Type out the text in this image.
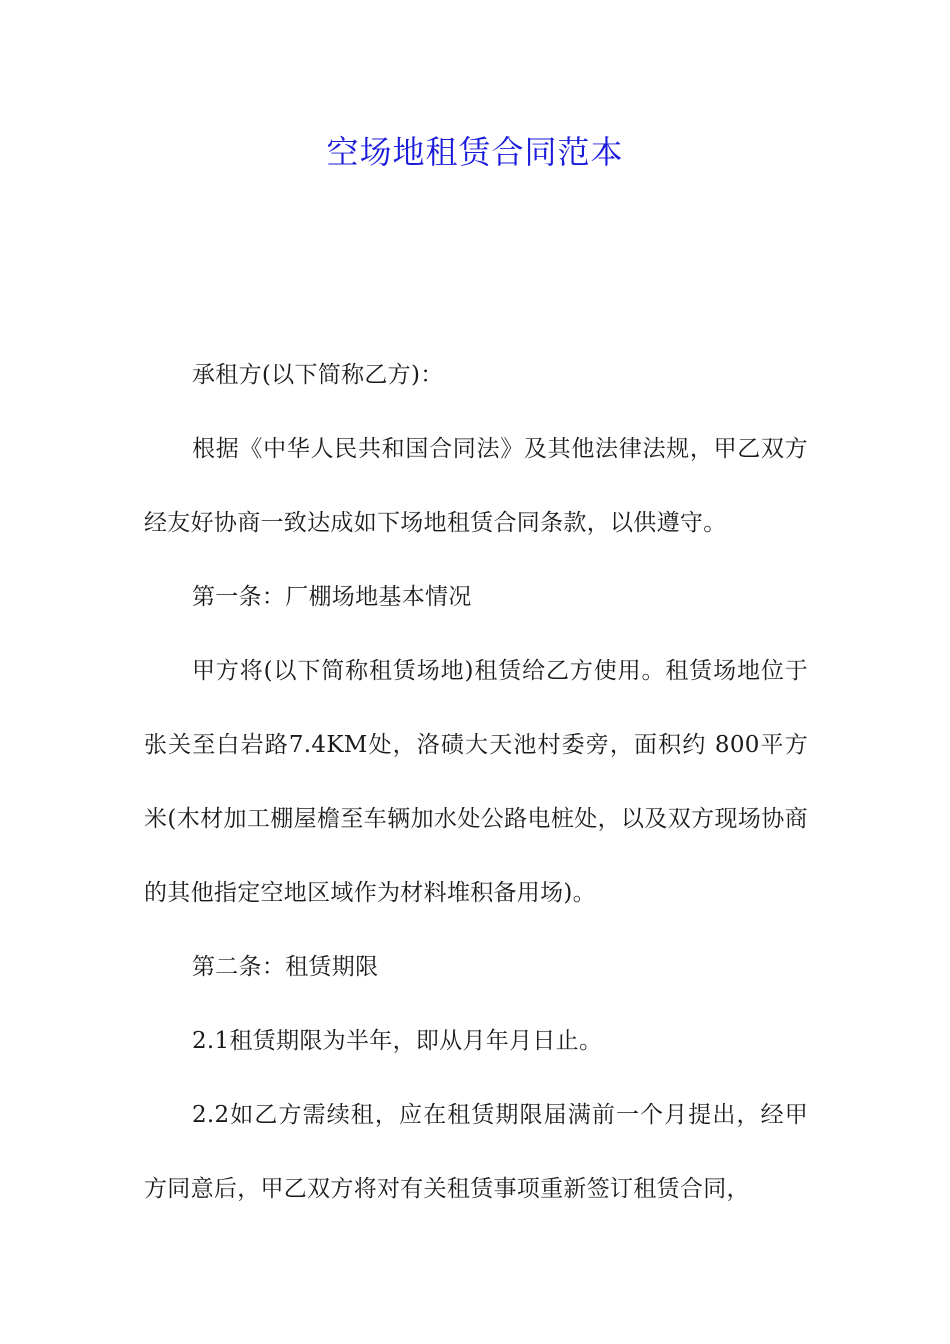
空场地租赁合同范本

承租方(以下简称乙方)：

根据《中华人民共和国合同法》及其他法律法规，甲乙双方经友好协商一致达成如下场地租赁合同条款，以供遵守。

第一条：厂棚场地基本情况

甲方将(以下简称租赁场地)租赁给乙方使用。租赁场地位于张关至白岩路7.4KM处，洛碛大天池村委旁，面积约 800平方米(木材加工棚屋檐至车辆加水处公路电桩处，以及双方现场协商的其他指定空地区域作为材料堆积备用场)。

第二条：租赁期限

2.1租赁期限为半年，即从月年月日止。

2.2如乙方需续租，应在租赁期限届满前一个月提出，经甲方同意后，甲乙双方将对有关租赁事项重新签订租赁合同，
